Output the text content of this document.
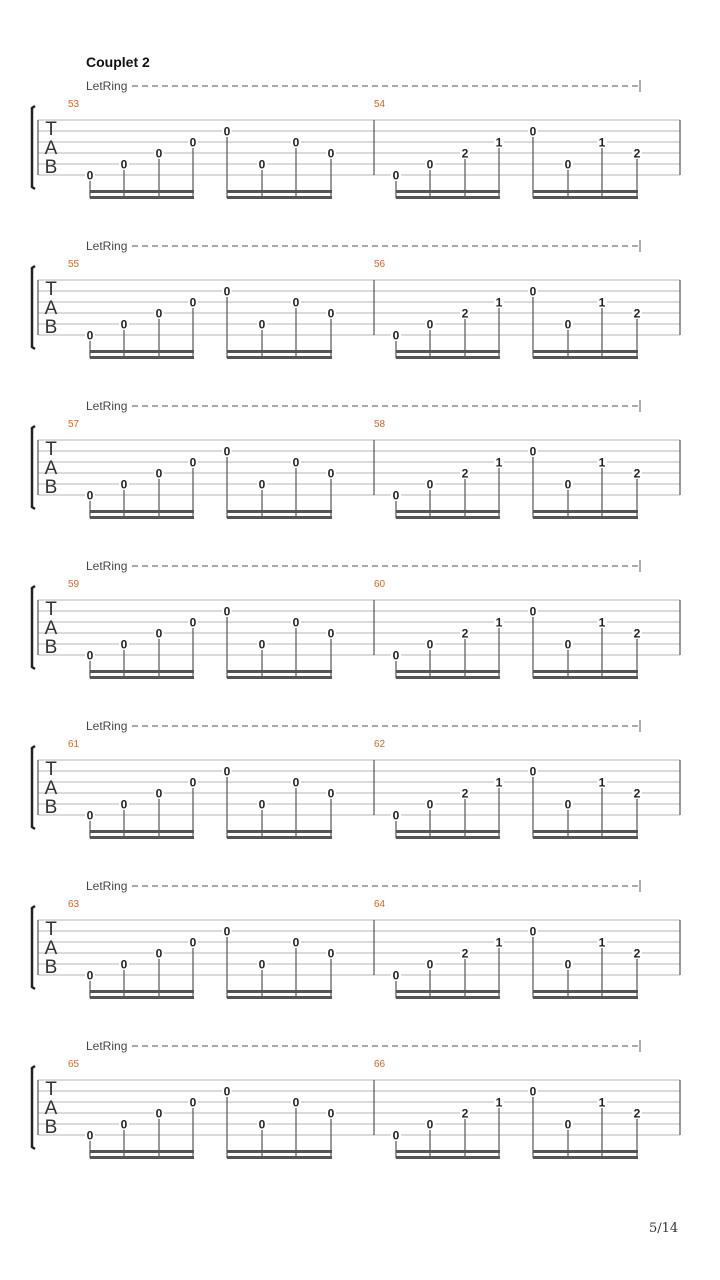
Couplet 2
LetRing
T
A
B
53
0
0
0
0
0
0
0
0
54
0
0
2
1
0
0
1
2
LetRing
T
A
B
55
0
0
0
0
0
0
0
0
56
0
0
2
1
0
0
1
2
LetRing
T
A
B
57
0
0
0
0
0
0
0
0
58
0
0
2
1
0
0
1
2
LetRing
T
A
B
59
0
0
0
0
0
0
0
0
60
0
0
2
1
0
0
1
2
LetRing
T
A
B
61
0
0
0
0
0
0
0
0
62
0
0
2
1
0
0
1
2
LetRing
T
A
B
63
0
0
0
0
0
0
0
0
64
0
0
2
1
0
0
1
2
LetRing
T
A
B
65
0
0
0
0
0
0
0
0
66
0
0
2
1
0
0
1
2
5/14
